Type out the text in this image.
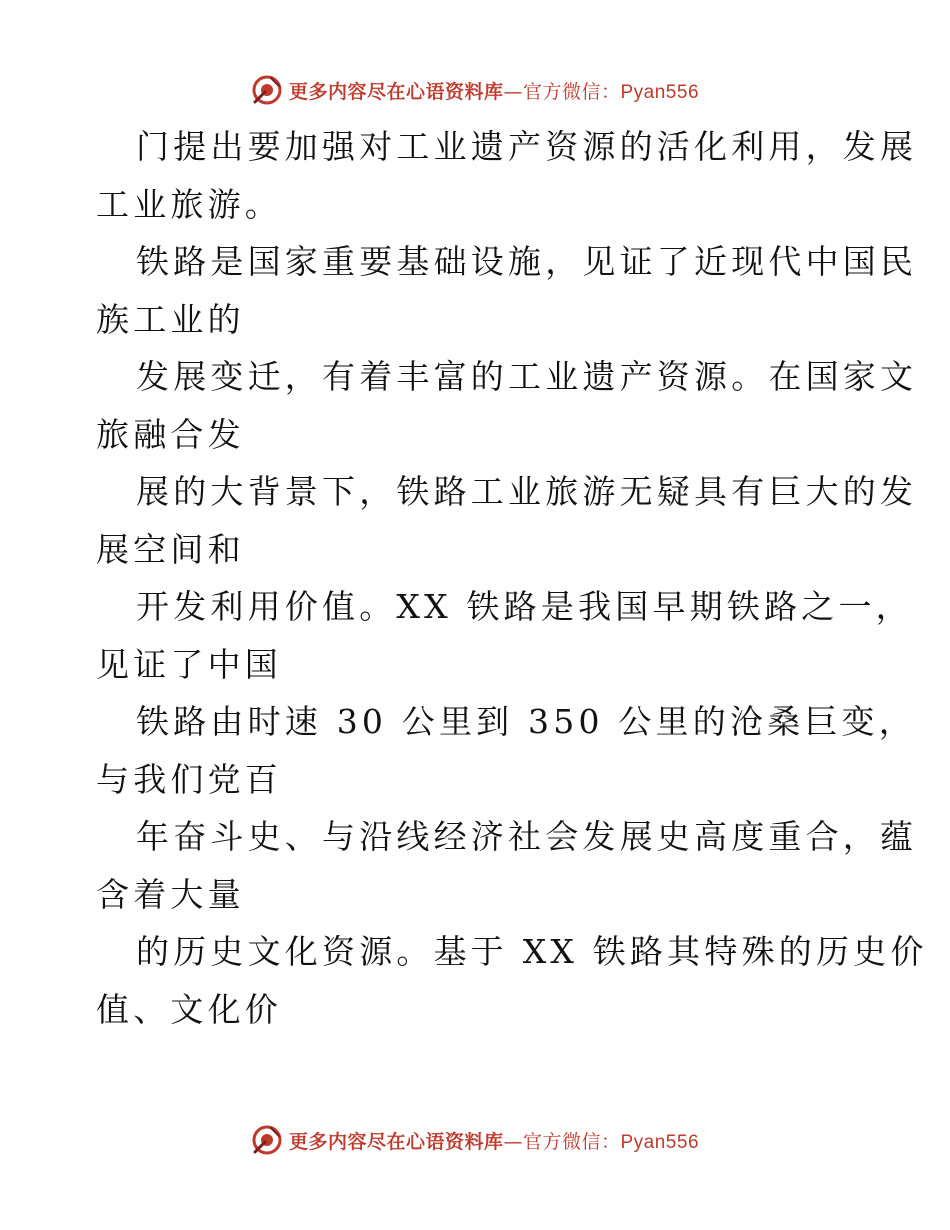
更多内容尽在心语资料库—官方微信：Pyan556
门提出要加强对工业遗产资源的活化利用，发展
工业旅游。
铁路是国家重要基础设施，见证了近现代中国民
族工业的
发展变迁，有着丰富的工业遗产资源。在国家文
旅融合发
展的大背景下，铁路工业旅游无疑具有巨大的发
展空间和
开发利用价值。XX 铁路是我国早期铁路之一，
见证了中国
铁路由时速 30 公里到 350 公里的沧桑巨变，
与我们党百
年奋斗史、与沿线经济社会发展史高度重合，蕴
含着大量
的历史文化资源。基于 XX 铁路其特殊的历史价
值、文化价
更多内容尽在心语资料库—官方微信：Pyan556
